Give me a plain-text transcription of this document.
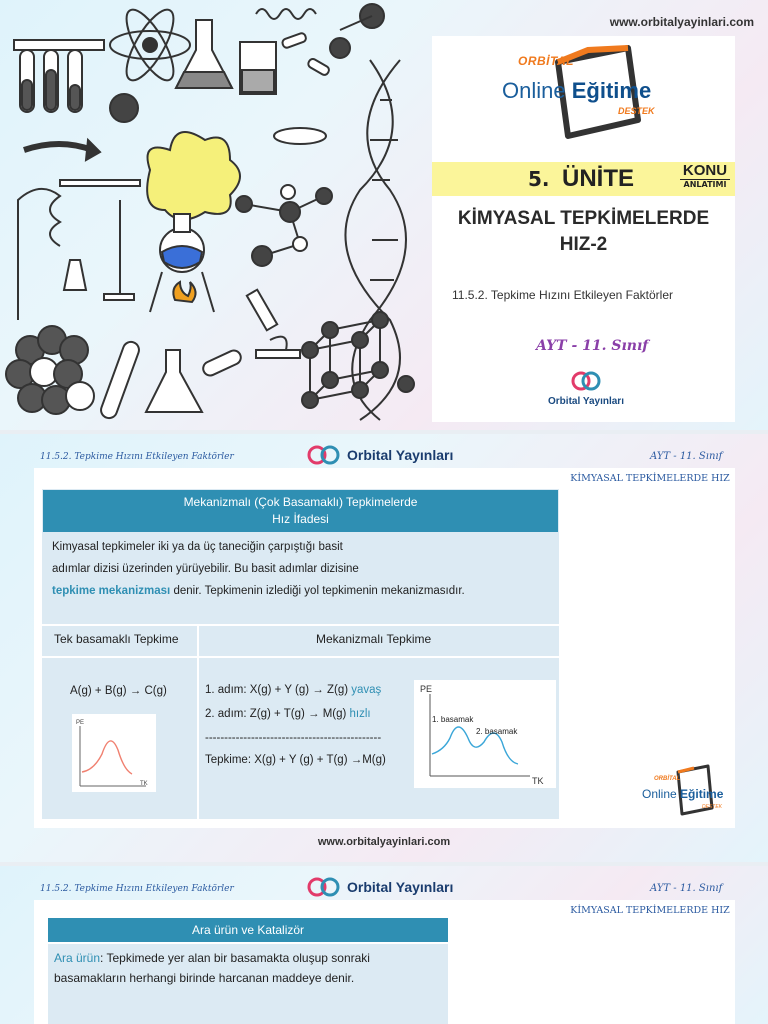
www.orbitalyayinlari.com
ORBİTAL
Online Eğitime
DESTEK
5. ÜNİTE	KONU
ANLATIMI
KİMYASAL TEPKİMELERDE
HIZ-2
11.5.2. Tepkime Hızını Etkileyen Faktörler
AYT - 11. Sınıf
Orbital Yayınları
11.5.2. Tepkime Hızını Etkileyen Faktörler	Orbital Yayınları	AYT - 11. Sınıf
KİMYASAL TEPKİMELERDE HIZ
Mekanizmalı (Çok Basamaklı) Tepkimelerde
Hız İfadesi
Kimyasal tepkimeler iki ya da üç taneciğin çarpıştığı basit
adımlar dizisi üzerinden yürüyebilir. Bu basit adımlar dizisine
tepkime mekanizması denir. Tepkimenin izlediği yol tepkimenin mekanizmasıdır.
Tek basamaklı Tepkime	Mekanizmalı Tepkime
A(g) + B(g) → C(g)
PE
TK
1. adım: X(g) + Y (g) → Z(g) yavaş
2. adım: Z(g) + T(g) → M(g) hızlı
----------------------------------------------
Tepkime: X(g) + Y (g) + T(g) →M(g)
PE
TK
1. basamak
2. basamak
ORBİTAL
Online Eğitime
DESTEK
www.orbitalyayinlari.com
11.5.2. Tepkime Hızını Etkileyen Faktörler	Orbital Yayınları	AYT - 11. Sınıf
KİMYASAL TEPKİMELERDE HIZ
Ara ürün ve Katalizör
Ara ürün: Tepkimede yer alan bir basamakta oluşup sonraki
basamakların herhangi birinde harcanan maddeye denir.
